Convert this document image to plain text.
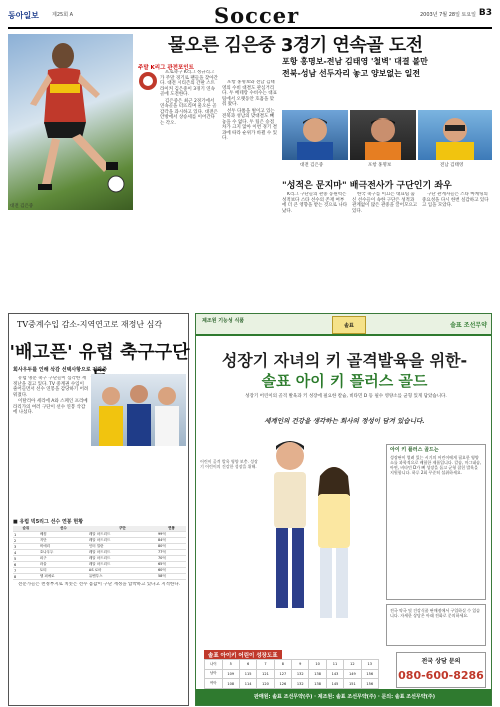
동아일보	제25회 A	Soccer	2003년 7월 28일 토요일 B3
물오른 김은중 3경기 연속골 도전
대전 김은중
포항 홍명보-전남 김태영 '철벽' 대결 볼만
전북-성남 선두자리 놓고 양보없는 일전
주말 K리그 관전포인트

프로축구 K리그 정규리그가 주말 경기로 팬들을 찾아간다. 대전 시티즌의 간판 스트라이커 김은중이 3경기 연속골에 도전한다.

김은중은 최근 2경기에서 연속골을 터뜨리며 물오른 골 감각을 과시하고 있다. 대전은 안방에서 상승세를 이어간다는 각오.

포항 홍명보와 전남 김태영의 수비 대결도 관심거리다. 두 베테랑 수비수는 대표팀에서 오랫동안 호흡을 맞춰 왔다.

선두 다툼을 벌이고 있는 전북과 성남의 맞대결도 빼놓을 수 없다. 두 팀은 승점 차가 크지 않아 이번 경기 결과에 따라 순위가 바뀔 수 있다.

대전 김은중	포항 홍명보	전남 김태영
"성적은 문지마" 배극전사가 구단인기 좌우

K리그 구단들의 관중 동원력은 성적보다 스타 선수의 존재 여부에 더 큰 영향을 받는 것으로 나타났다.

한국 축구를 이끄는 대표팀 출신 선수들이 속한 구단은 성적과 관계없이 많은 관중을 끌어모으고 있다.

구단 관계자들은 스타 마케팅의 중요성을 다시 한번 실감하고 있다고 입을 모았다.

TV중계수입 감소-지역연고로 재정난 심각
'배고픈' 유럽 축구구단
회사우두를 인해 삭감 선택사항으로 전락중

유럽 명문 축구 구단들이 심각한 재정난을 겪고 있다. TV 중계권 수입이 줄어들면서 선수 연봉을 감당하기 어려워졌다.

이탈리아 세리에 A와 스페인 프리메라리가의 여러 구단이 선수 연봉 삭감에 나섰다.

■ 유럽 빅5리그 선수 연봉 현황
순위	선수	구단	연봉
1	베컴	레알 마드리드	99억
2	지단	레알 마드리드	84억
3	비에리	인터 밀란	80억
4	호나우두	레알 마드리드	77억
5	피구	레알 마드리드	70억
6	라울	레알 마드리드	65억
7	토티	AS 로마	60억
8	델 피에로	유벤투스	58억

전문가들은 천정부지로 치솟은 선수 몸값이 구단 재정을 압박하고 있다고 지적한다.

제조원 기능성 식품
솔표	솔표 조선무약
성장기 자녀의 키 골격발육을 위한-
솔표 아이 키 플러스 골드
성장기 어린이의 골격 발육과 키 성장에 필요한 칼슘, 비타민 D 등 필수 영양소를 균형 있게 담았습니다.
세계인의 건강을 생각하는 회사의 정성이 담겨 있습니다.
어린이 골격 발육 영양 보충. 성장기 어린이의 건강한 성장을 위해.
아이 키 플러스 골드는
성장판이 열려 있는 시기의 어린이에게 필요한 영양소를 과학적으로 배합한 제품입니다. 칼슘, 마그네슘, 아연, 비타민 D가 뼈 성장을 돕고 균형 잡힌 발육을 지원합니다. 하루 2회 꾸준히 섭취하세요.
전국 약국 및 건강식품 판매점에서 구입하실 수 있습니다. 자세한 상담은 아래 전화로 문의하세요.
솔표 아이키 어린이 성장도표
나이	5	6	7	8	9	10	11	12	13
남아	109	115	121	127	132	138	143	149	156
여아	108	114	120	126	132	138	145	151	156
전국 상담 문의
080-600-8286
판매원: 솔표 조선무약(주) · 제조원: 솔표 조선무약(주) · 문의: 솔표 조선무약(주)
